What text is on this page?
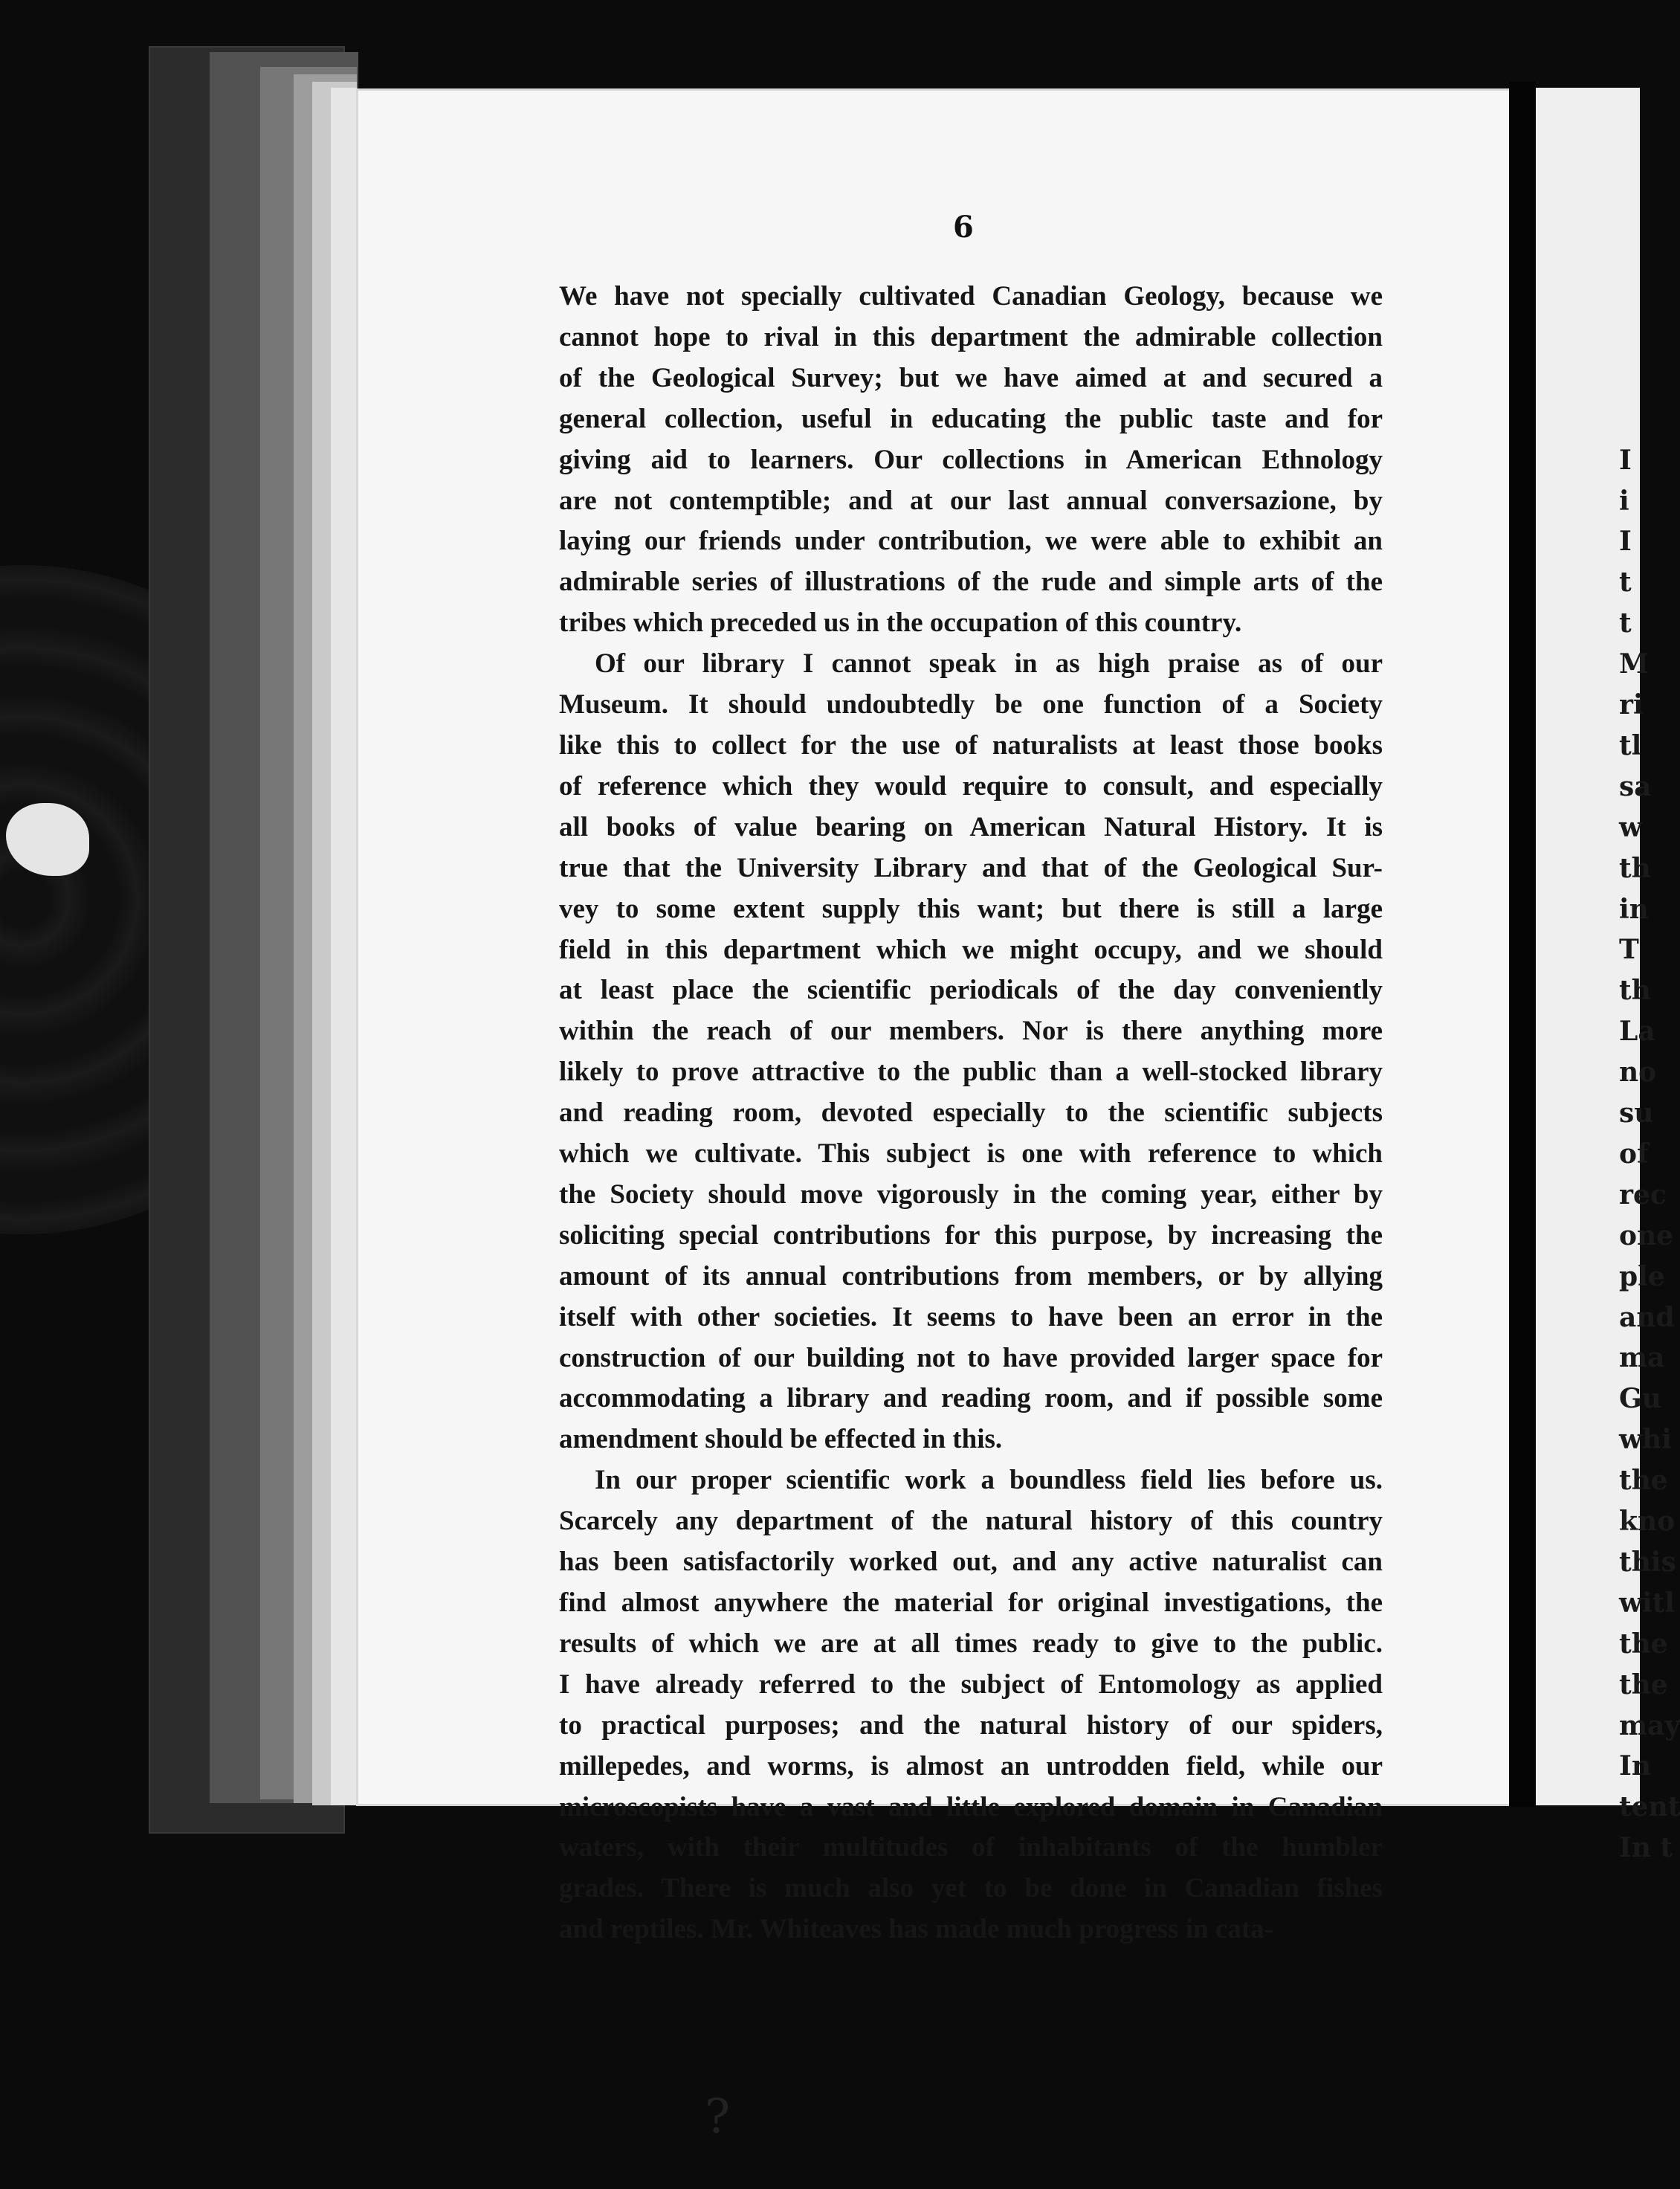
6
We have not specially cultivated Canadian Geology, because we
cannot hope to rival in this department the admirable collection
of the Geological Survey; but we have aimed at and secured a
general collection, useful in educating the public taste and for
giving aid to learners. Our collections in American Ethnology
are not contemptible; and at our last annual conversazione, by
laying our friends under contribution, we were able to exhibit an
admirable series of illustrations of the rude and simple arts of the
tribes which preceded us in the occupation of this country.
Of our library I cannot speak in as high praise as of our
Museum. It should undoubtedly be one function of a Society
like this to collect for the use of naturalists at least those books
of reference which they would require to consult, and especially
all books of value bearing on American Natural History. It is
true that the University Library and that of the Geological Sur-
vey to some extent supply this want; but there is still a large
field in this department which we might occupy, and we should
at least place the scientific periodicals of the day conveniently
within the reach of our members. Nor is there anything more
likely to prove attractive to the public than a well-stocked library
and reading room, devoted especially to the scientific subjects
which we cultivate. This subject is one with reference to which
the Society should move vigorously in the coming year, either by
soliciting special contributions for this purpose, by increasing the
amount of its annual contributions from members, or by allying
itself with other societies. It seems to have been an error in the
construction of our building not to have provided larger space for
accommodating a library and reading room, and if possible some
amendment should be effected in this.
In our proper scientific work a boundless field lies before us.
Scarcely any department of the natural history of this country
has been satisfactorily worked out, and any active naturalist can
find almost anywhere the material for original investigations, the
results of which we are at all times ready to give to the public.
I have already referred to the subject of Entomology as applied
to practical purposes; and the natural history of our spiders,
millepedes, and worms, is almost an untrodden field, while our
microscopists have a vast and little explored domain in Canadian
waters, with their multitudes of inhabitants of the humbler
grades. There is much also yet to be done in Canadian fishes
and reptiles. Mr. Whiteaves has made much progress in cata-
I
i
I
t
t
M
ri
tl
sa
w
th
in
T
th
La
no
su
of
rec
one
ple
and
ma
Gu
whi
the
kno
this
witl
the
the
may
In
tent
In t
?
